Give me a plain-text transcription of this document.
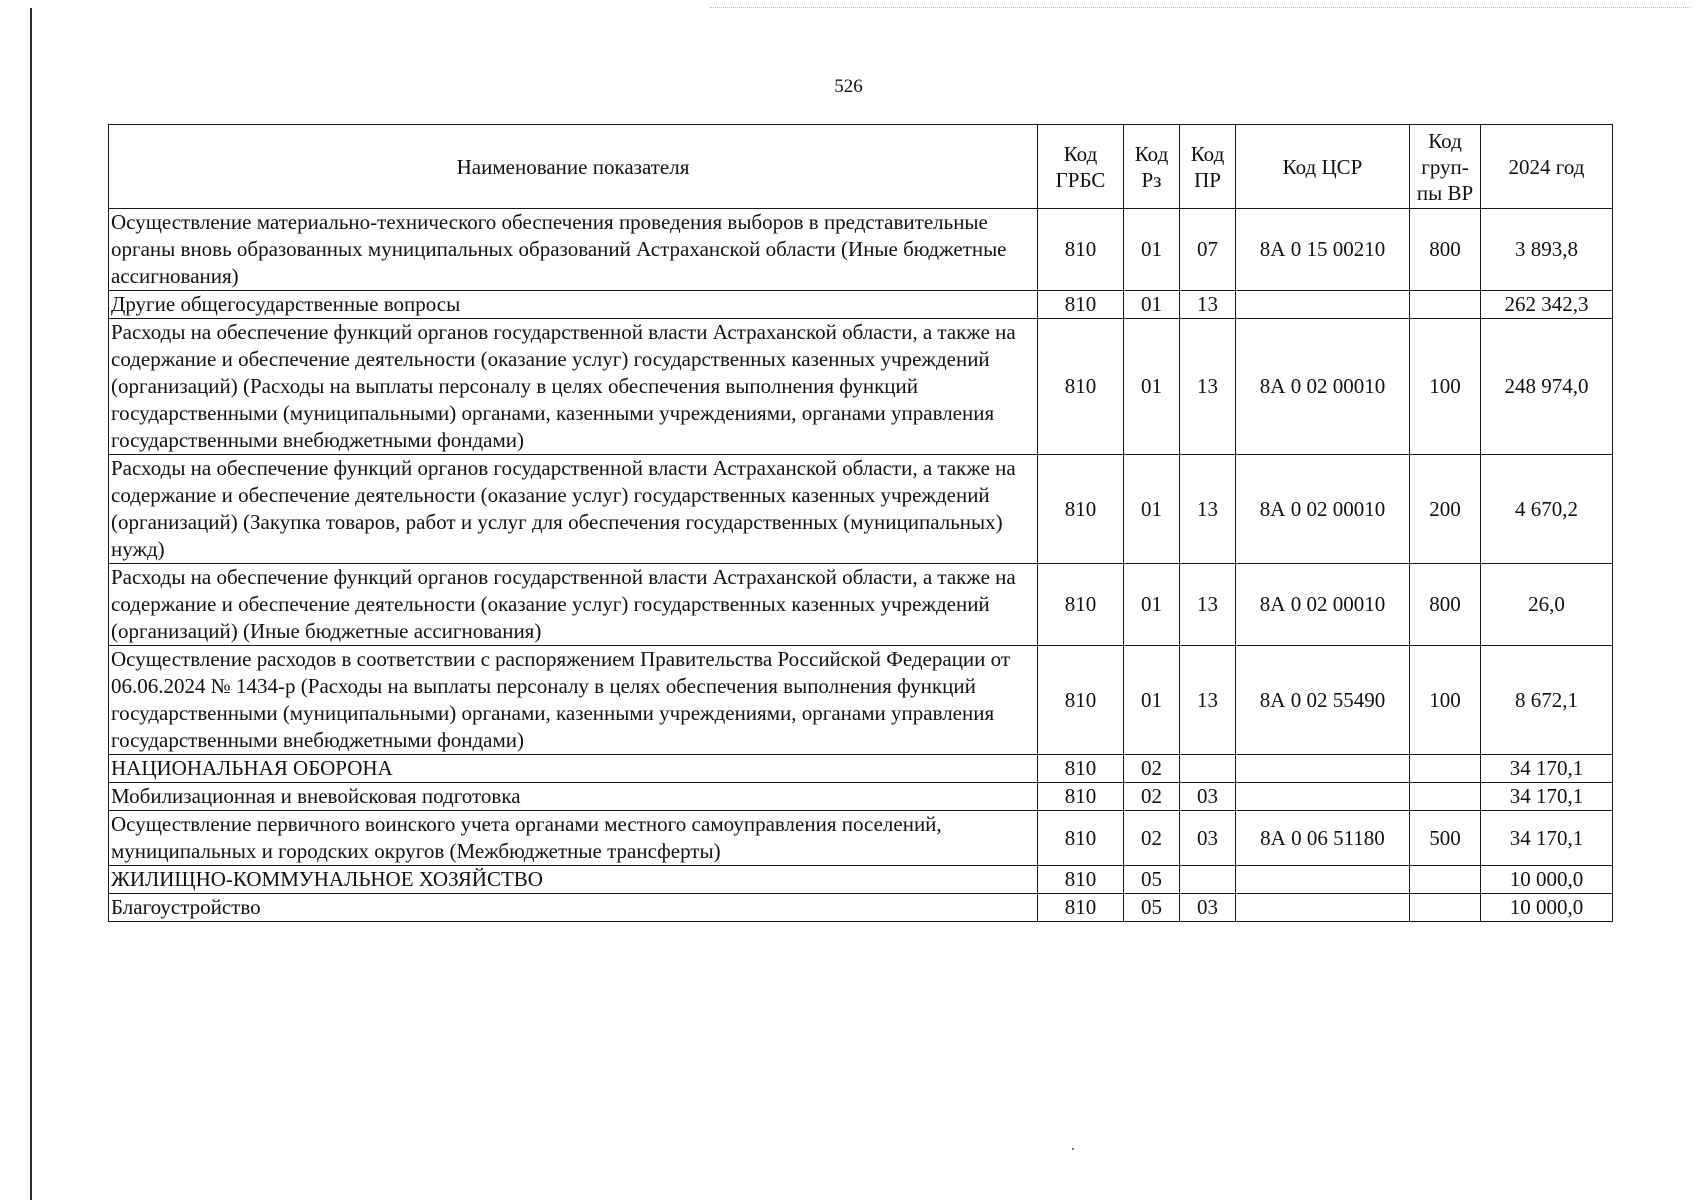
526
Наименование показателя	Код ГРБС	Код Рз	Код ПР	Код ЦСР	Код груп-пы ВР	2024 год
Осуществление материально-технического обеспечения проведения выборов в представительные органы вновь образованных муниципальных образований Астраханской области (Иные бюджетные ассигнования)	810	01	07	8А 0 15 00210	800	3 893,8
Другие общегосударственные вопросы	810	01	13			262 342,3
Расходы на обеспечение функций органов государственной власти Астраханской области, а также на содержание и обеспечение деятельности (оказание услуг) государственных казенных учреждений (организаций) (Расходы на выплаты персоналу в целях обеспечения выполнения функций государственными (муниципальными) органами, казенными учреждениями, органами управления государственными внебюджетными фондами)	810	01	13	8А 0 02 00010	100	248 974,0
Расходы на обеспечение функций органов государственной власти Астраханской области, а также на содержание и обеспечение деятельности (оказание услуг) государственных казенных учреждений (организаций) (Закупка товаров, работ и услуг для обеспечения государственных (муниципальных) нужд)	810	01	13	8А 0 02 00010	200	4 670,2
Расходы на обеспечение функций органов государственной власти Астраханской области, а также на содержание и обеспечение деятельности (оказание услуг) государственных казенных учреждений (организаций) (Иные бюджетные ассигнования)	810	01	13	8А 0 02 00010	800	26,0
Осуществление расходов в соответствии с распоряжением Правительства Российской Федерации от 06.06.2024 № 1434-р (Расходы на выплаты персоналу в целях обеспечения выполнения функций государственными (муниципальными) органами, казенными учреждениями, органами управления государственными внебюджетными фондами)	810	01	13	8А 0 02 55490	100	8 672,1
НАЦИОНАЛЬНАЯ ОБОРОНА	810	02				34 170,1
Мобилизационная и вневойсковая подготовка	810	02	03			34 170,1
Осуществление первичного воинского учета органами местного самоуправления поселений, муниципальных и городских округов (Межбюджетные трансферты)	810	02	03	8А 0 06 51180	500	34 170,1
ЖИЛИЩНО-КОММУНАЛЬНОЕ ХОЗЯЙСТВО	810	05				10 000,0
Благоустройство	810	05	03			10 000,0
